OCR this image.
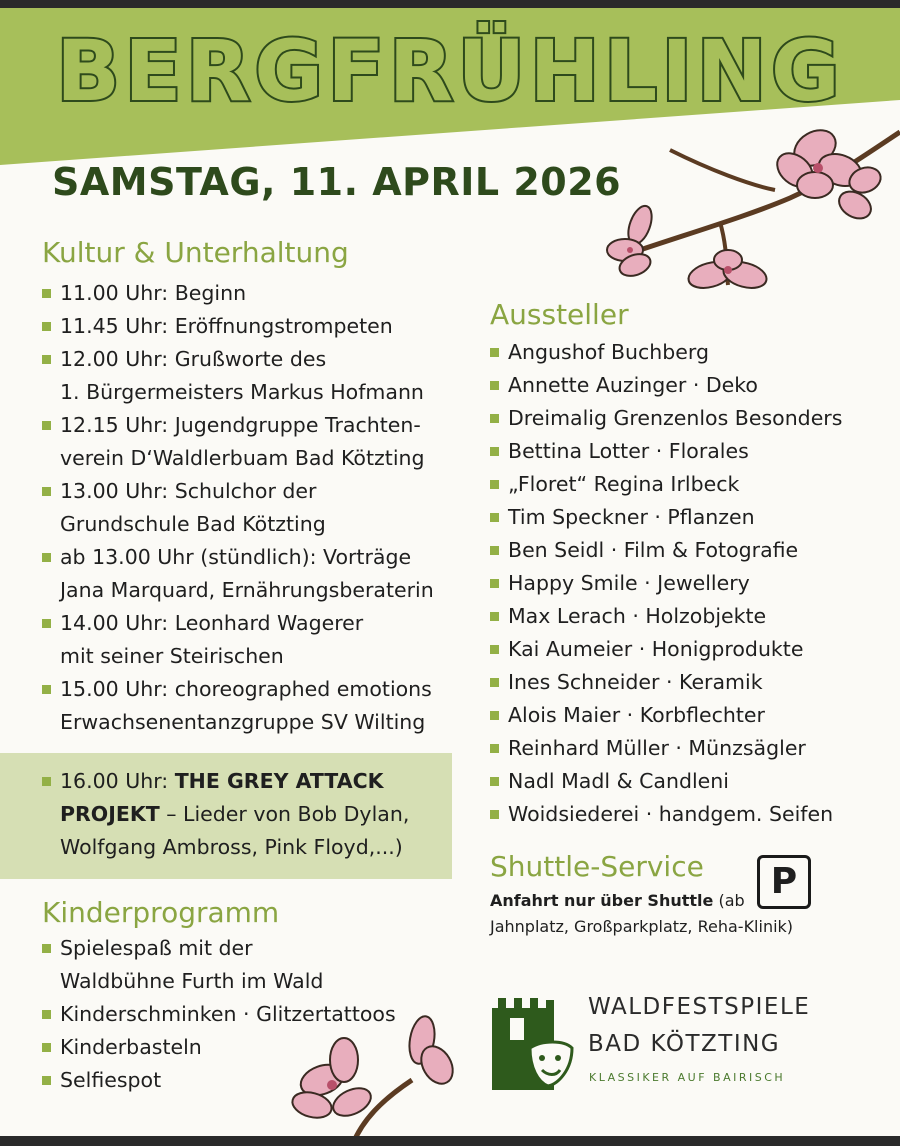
BERGFRÜHLING
SAMSTAG, 11. APRIL 2026
Kultur & Unterhaltung
11.00 Uhr: Beginn
11.45 Uhr: Eröffnungstrompeten
12.00 Uhr: Grußworte des
1. Bürgermeisters Markus Hofmann
12.15 Uhr: Jugendgruppe Trachten-
verein D‘Waldlerbuam Bad Kötzting
13.00 Uhr: Schulchor der
Grundschule Bad Kötzting
ab 13.00 Uhr (stündlich): Vorträge
Jana Marquard, Ernährungsberaterin
14.00 Uhr: Leonhard Wagerer
mit seiner Steirischen
15.00 Uhr: choreographed emotions
Erwachsenentanzgruppe SV Wilting
16.00 Uhr: THE GREY ATTACK
PROJEKT – Lieder von Bob Dylan,
Wolfgang Ambross, Pink Floyd,...)
Kinderprogramm
Spielespaß mit der
Waldbühne Furth im Wald
Kinderschminken · Glitzertattoos
Kinderbasteln
Selfiespot
Aussteller
Angushof Buchberg
Annette Auzinger · Deko
Dreimalig Grenzenlos Besonders
Bettina Lotter · Florales
„Floret“ Regina Irlbeck
Tim Speckner · Pflanzen
Ben Seidl · Film & Fotografie
Happy Smile · Jewellery
Max Lerach · Holzobjekte
Kai Aumeier · Honigprodukte
Ines Schneider · Keramik
Alois Maier · Korbflechter
Reinhard Müller · Münzsägler
Nadl Madl & Candleni
Woidsiederei · handgem. Seifen
Shuttle-Service	P
Anfahrt nur über Shuttle (ab
Jahnplatz, Großparkplatz, Reha-Klinik)
WALDFESTSPIELE
BAD KÖTZTING
KLASSIKER AUF BAIRISCH
